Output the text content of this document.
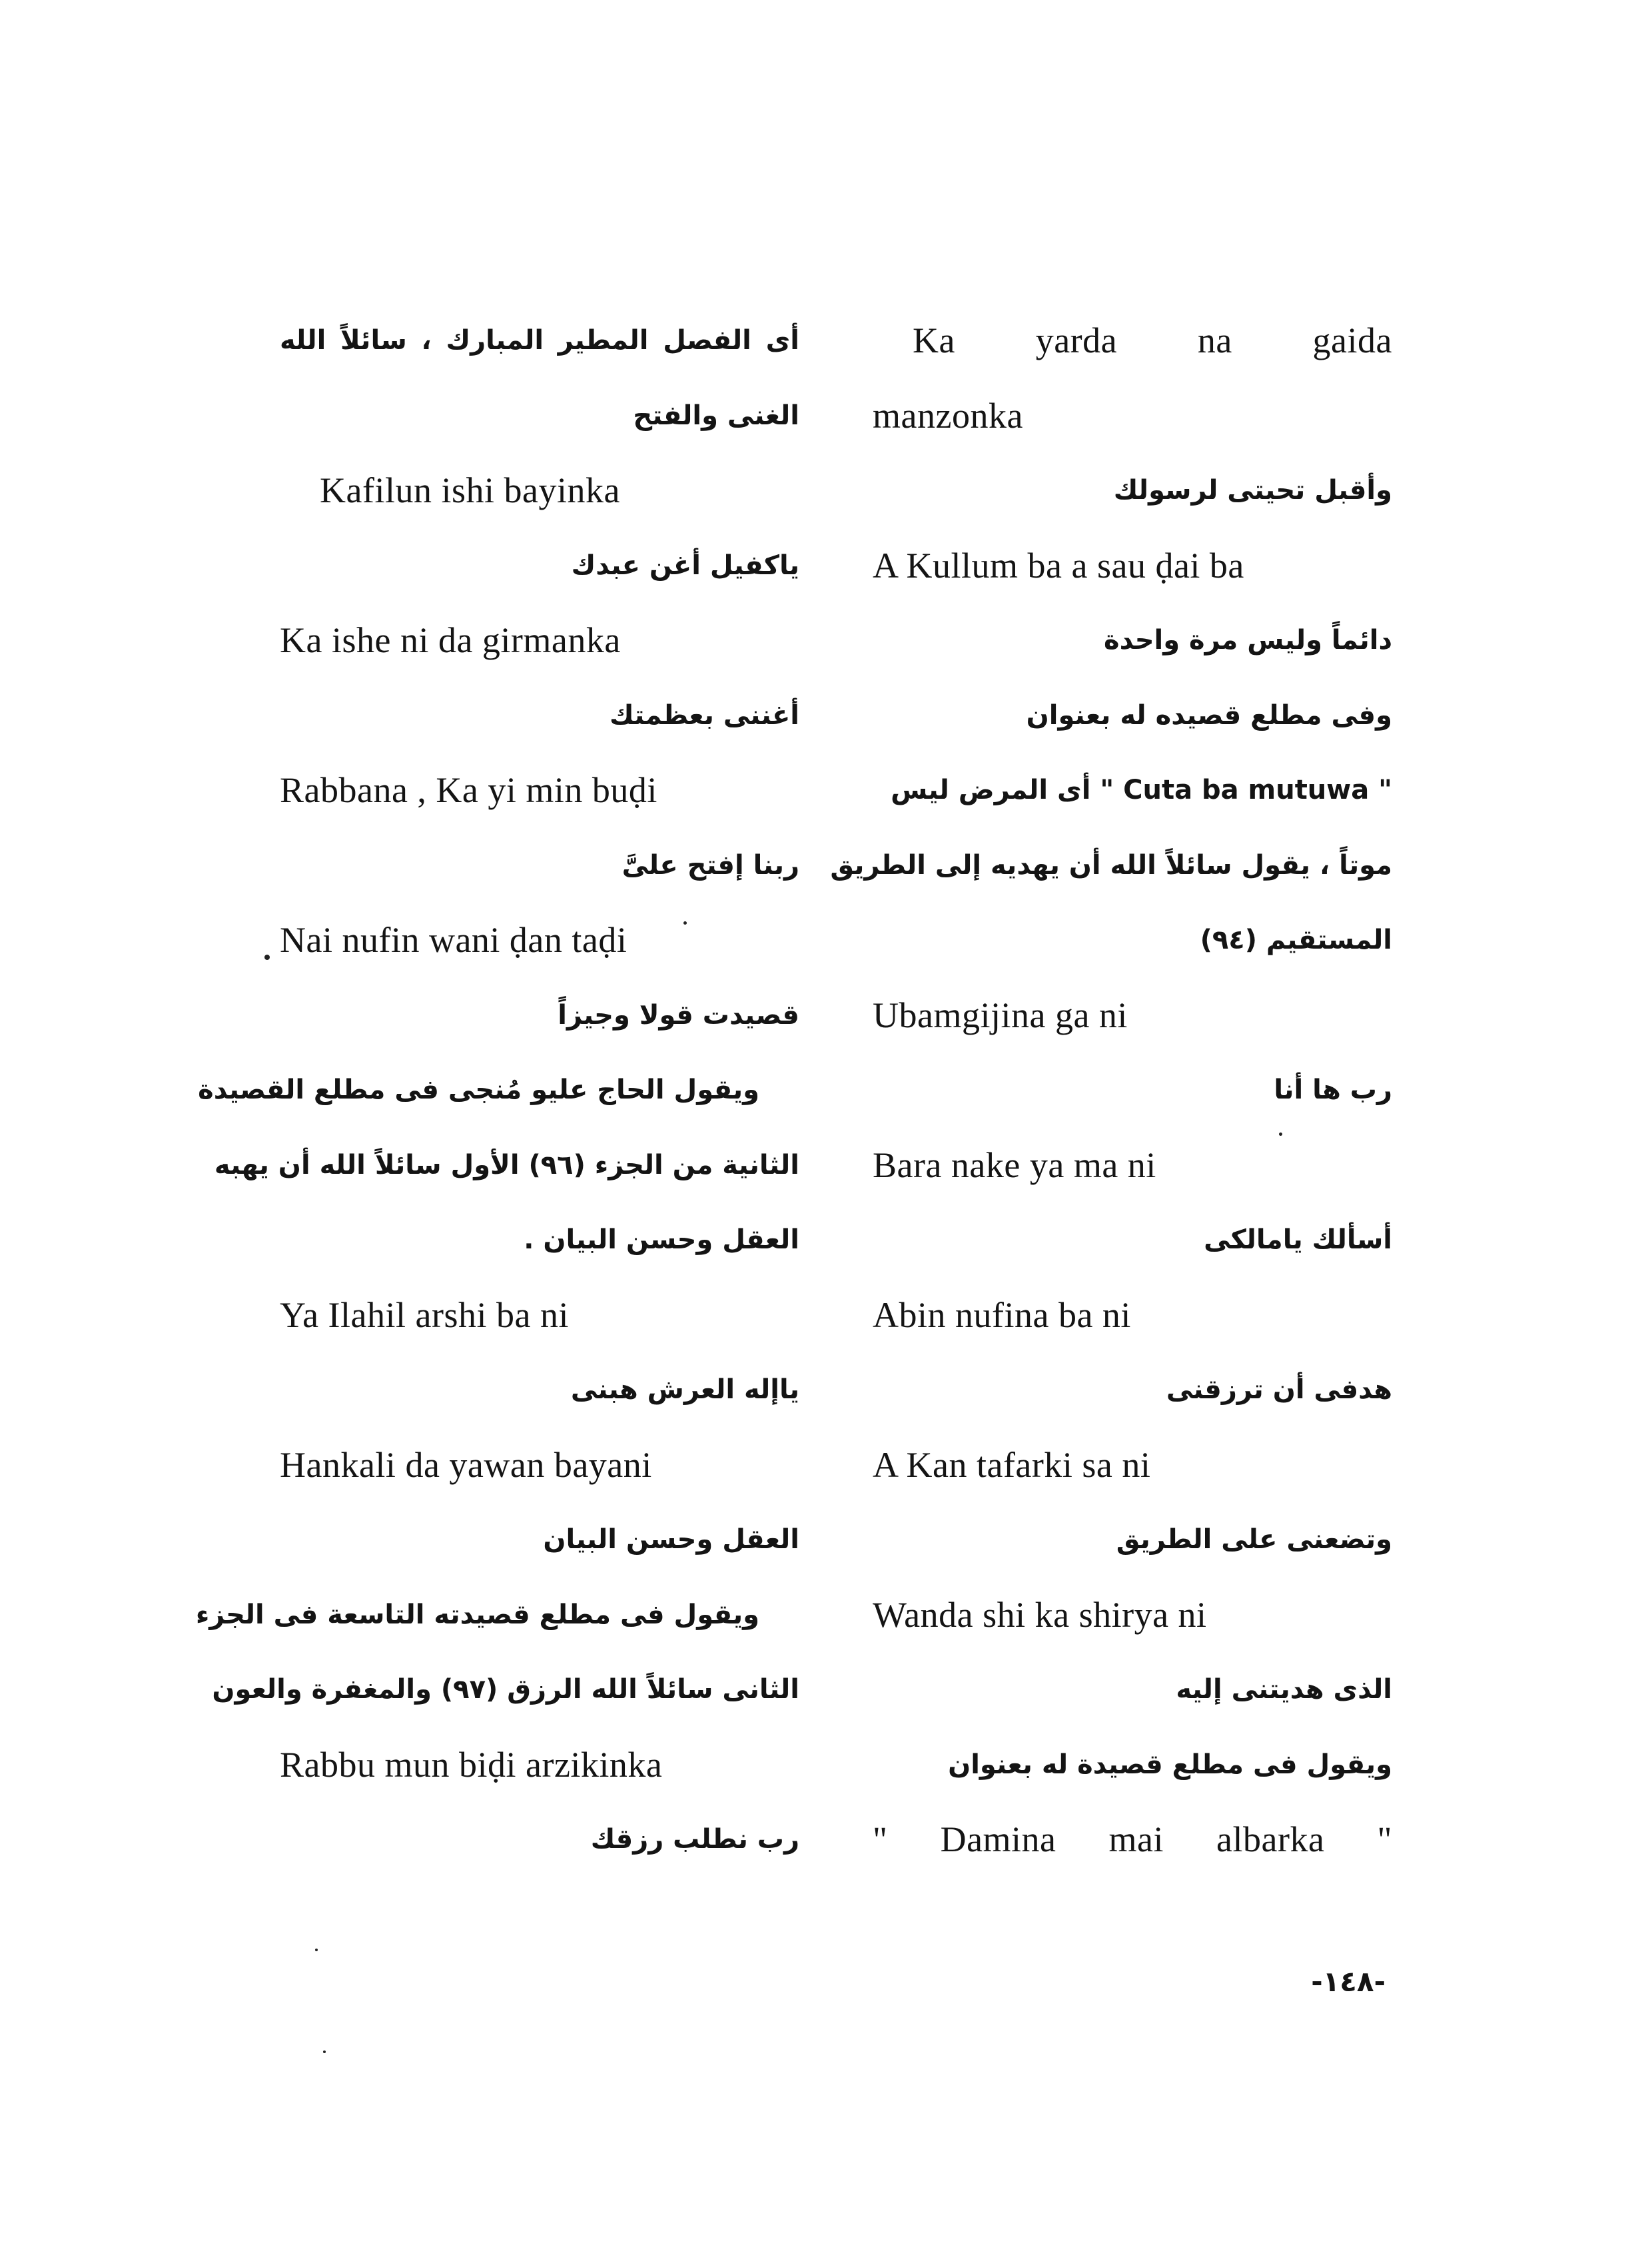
Ka yarda na gaida
manzonka
وأقبل تحيتى لرسولك
A Kullum ba a sau ḍai ba
دائماً وليس مرة واحدة
وفى مطلع قصيده له بعنوان
" Cuta ba mutuwa " أى المرض ليس
موتاً ، يقول سائلاً الله أن يهديه إلى الطريق
المستقيم (٩٤)
Ubamgijina ga ni
رب ها أنا
Bara nake ya ma ni
أسألك يامالكى
Abin nufina ba ni
هدفى أن ترزقنى
A Kan tafarki sa ni
وتضعنى على الطريق
Wanda shi ka shirya ni
الذى هديتنى إليه
ويقول فى مطلع قصيدة له بعنوان
" Damina mai albarka "
أى الفصل المطير المبارك ، سائلاً الله
الغنى والفتح
Kafilun ishi bayinka
ياكفيل أغن عبدك
Ka ishe ni da girmanka
أغننى بعظمتك
Rabbana , Ka yi min buḍi
ربنا إفتح علىَّ
Nai nufin wani ḍan taḍi
قصيدت قولا وجيزاً
ويقول الحاج عليو مُنجى فى مطلع القصيدة
الثانية من الجزء (٩٦) الأول سائلاً الله أن يهبه
العقل وحسن البيان .
Ya Ilahil arshi ba ni
ياإله العرش هبنى
Hankali da yawan bayani
العقل وحسن البيان
ويقول فى مطلع قصيدته التاسعة فى الجزء
الثانى سائلاً الله الرزق (٩٧) والمغفرة والعون
Rabbu mun biḍi arzikinka
رب نطلب رزقك
-١٤٨-
